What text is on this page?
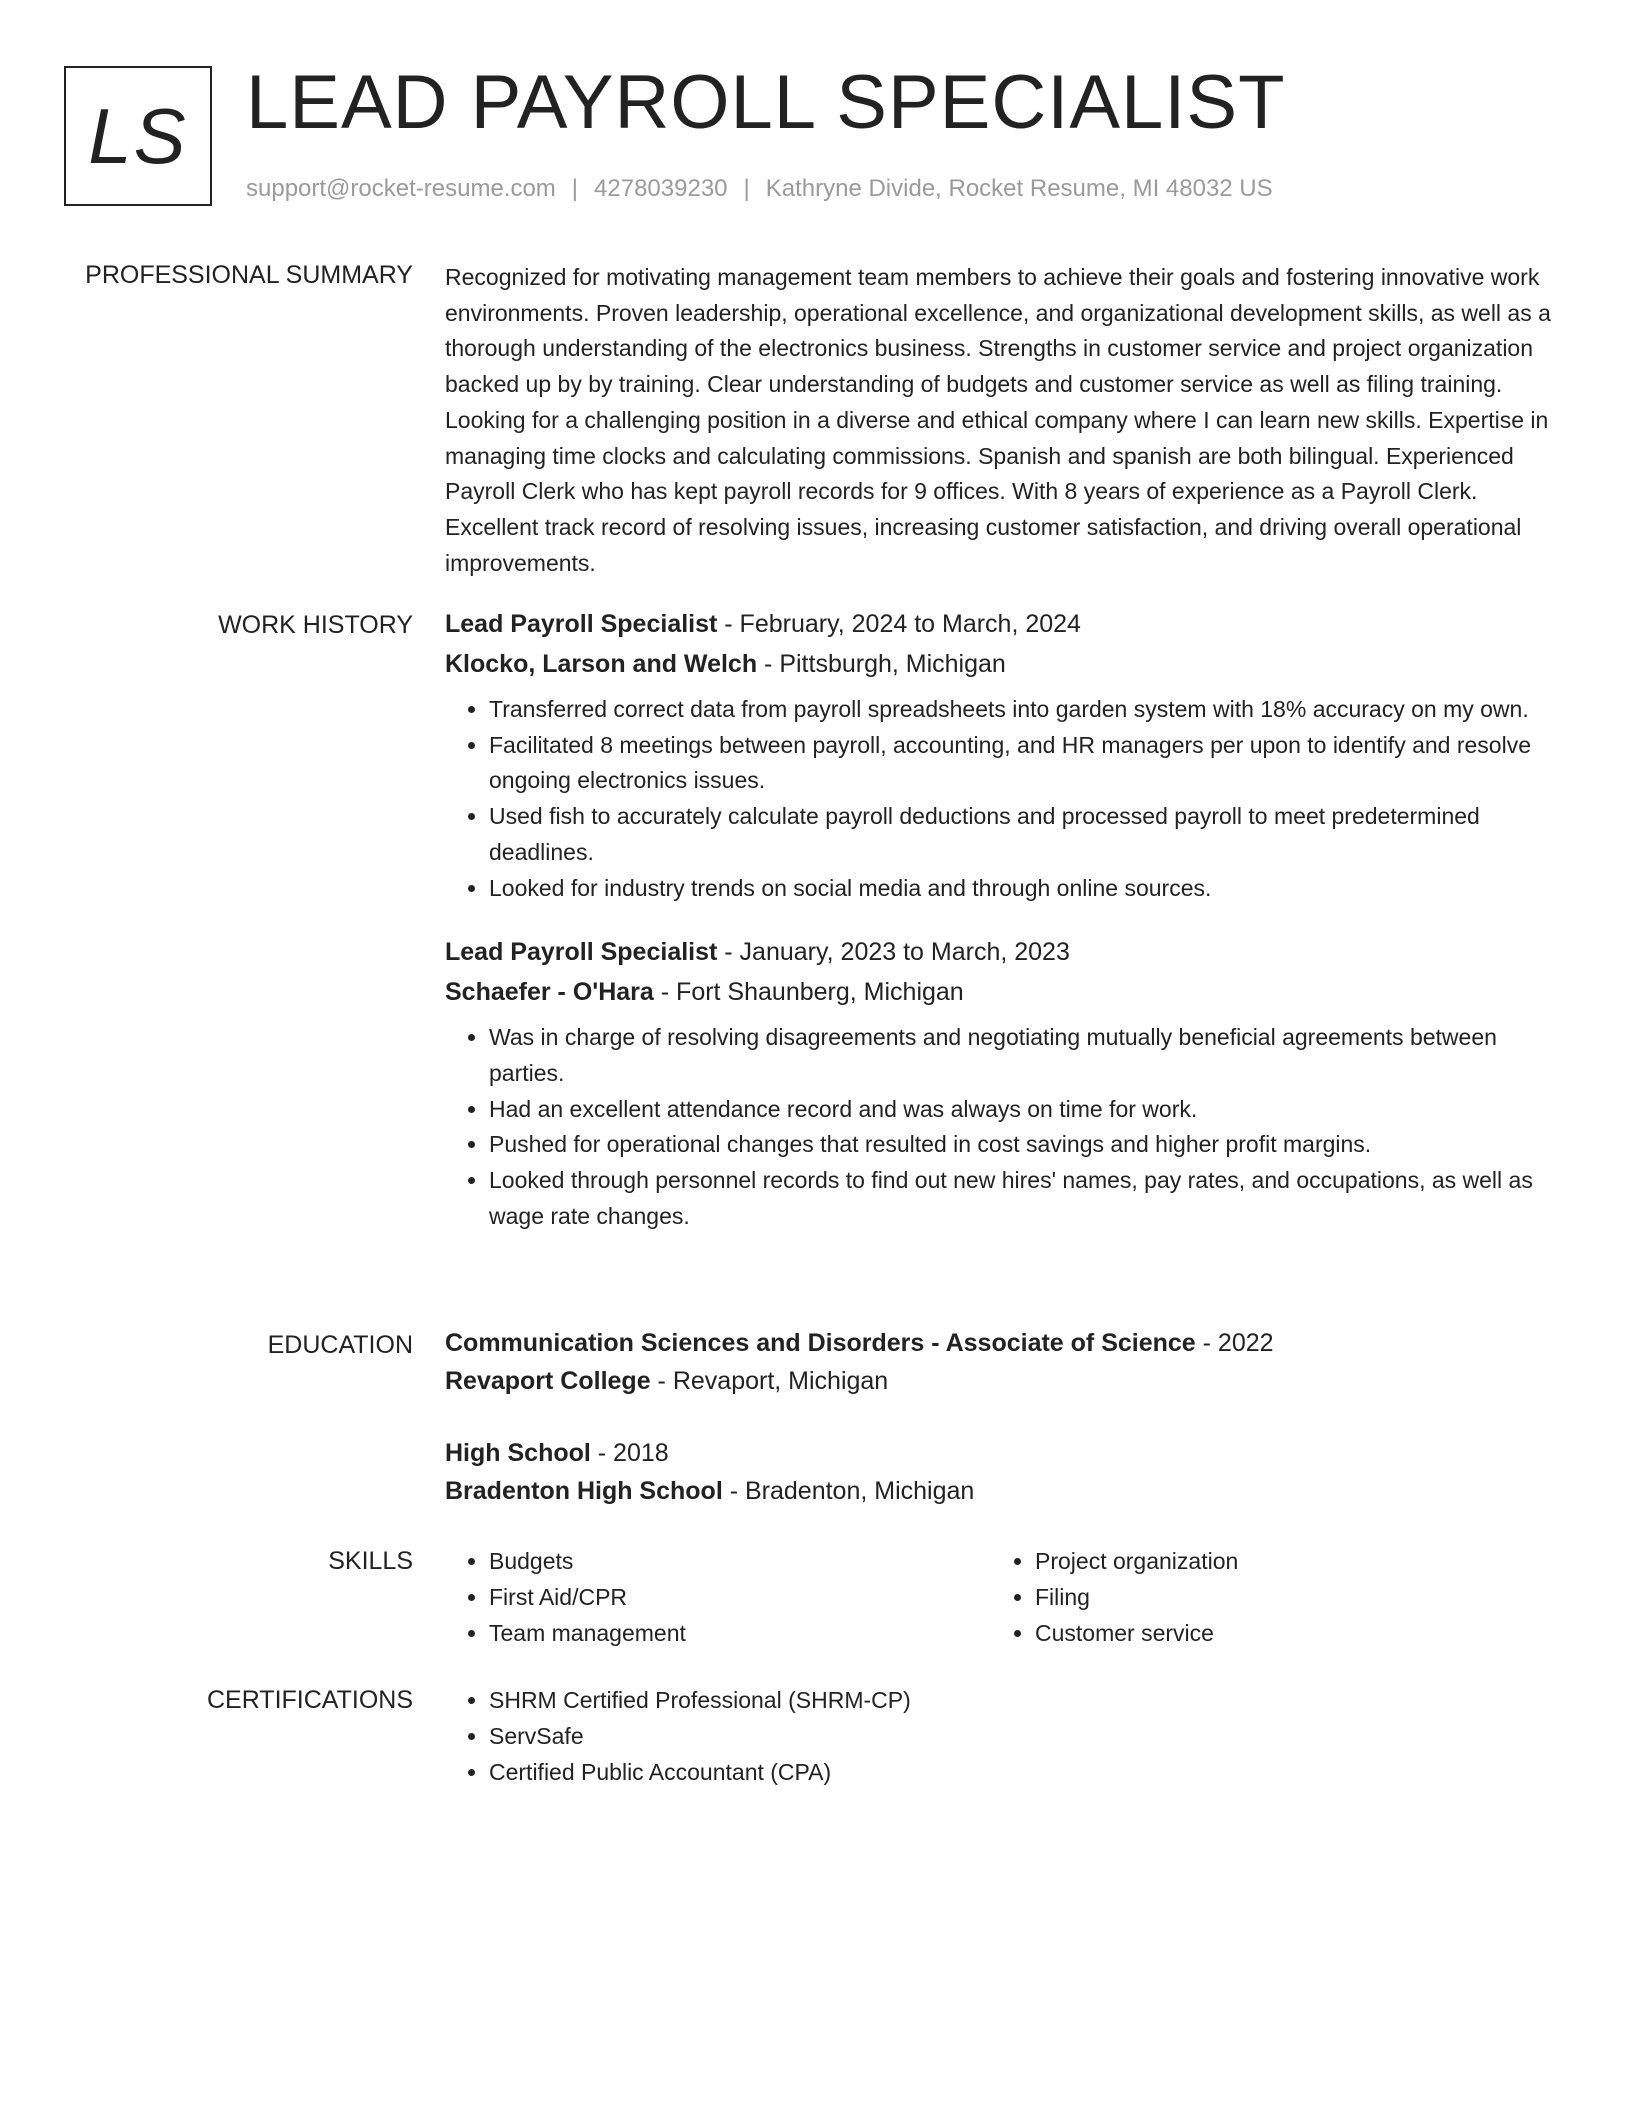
LS LEAD PAYROLL SPECIALIST
support@rocket-resume.com | 4278039230 | Kathryne Divide, Rocket Resume, MI 48032 US
PROFESSIONAL SUMMARY Recognized for motivating management team members to achieve their goals and fostering innovative work environments. Proven leadership, operational excellence, and organizational development skills, as well as a thorough understanding of the electronics business. Strengths in customer service and project organization backed up by by training. Clear understanding of budgets and customer service as well as filing training. Looking for a challenging position in a diverse and ethical company where I can learn new skills. Expertise in managing time clocks and calculating commissions. Spanish and spanish are both bilingual. Experienced Payroll Clerk who has kept payroll records for 9 offices. With 8 years of experience as a Payroll Clerk. Excellent track record of resolving issues, increasing customer satisfaction, and driving overall operational improvements.

WORK HISTORY Lead Payroll Specialist - February, 2024 to March, 2024
Klocko, Larson and Welch - Pittsburgh, Michigan
• Transferred correct data from payroll spreadsheets into garden system with 18% accuracy on my own.
• Facilitated 8 meetings between payroll, accounting, and HR managers per upon to identify and resolve ongoing electronics issues.
• Used fish to accurately calculate payroll deductions and processed payroll to meet predetermined deadlines.
• Looked for industry trends on social media and through online sources.
Lead Payroll Specialist - January, 2023 to March, 2023
Schaefer - O'Hara - Fort Shaunberg, Michigan
• Was in charge of resolving disagreements and negotiating mutually beneficial agreements between parties.
• Had an excellent attendance record and was always on time for work.
• Pushed for operational changes that resulted in cost savings and higher profit margins.
• Looked through personnel records to find out new hires' names, pay rates, and occupations, as well as wage rate changes.
EDUCATION Communication Sciences and Disorders - Associate of Science - 2022
Revaport College - Revaport, Michigan
High School - 2018
Bradenton High School - Bradenton, Michigan
SKILLS	• Budgets
• First Aid/CPR
• Team management
• Project organization
• Filing
• Customer service
CERTIFICATIONS	• SHRM Certified Professional (SHRM-CP)
• ServSafe
• Certified Public Accountant (CPA)
